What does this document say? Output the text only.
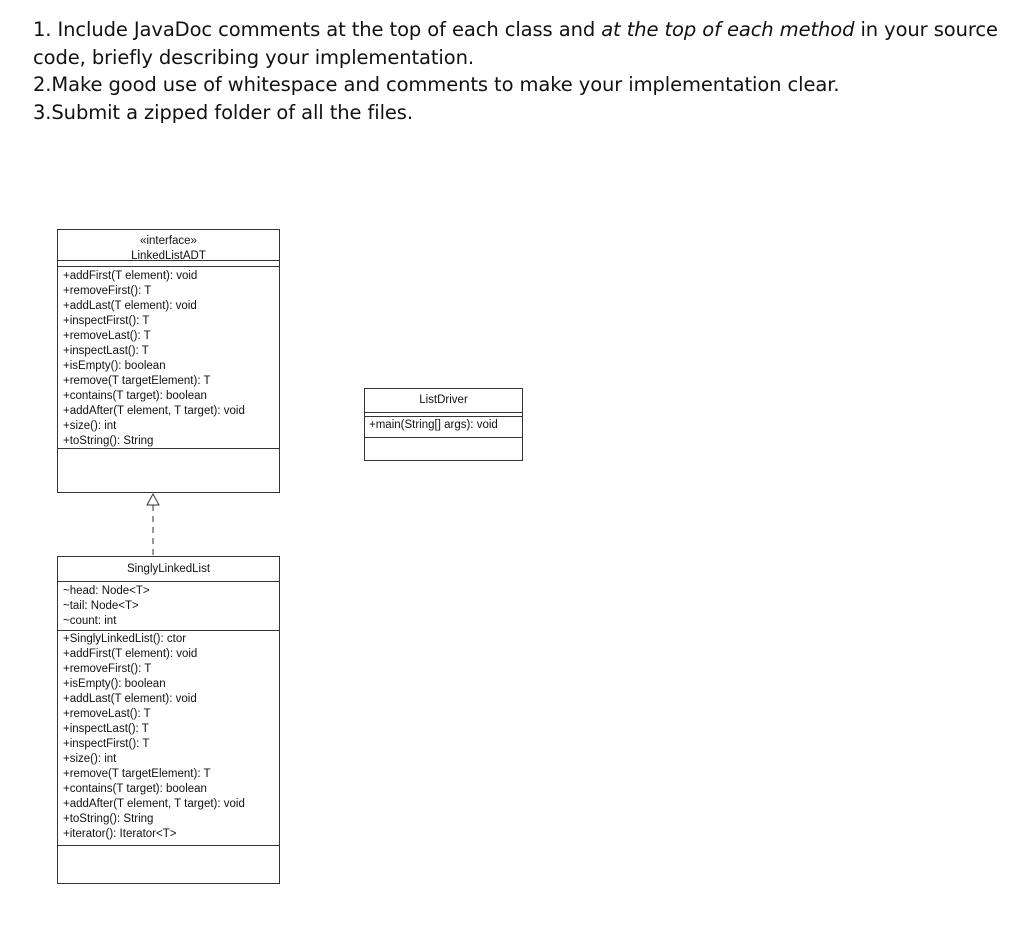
1. Include JavaDoc comments at the top of each class and at the top of each method in your source code, briefly describing your implementation.

2.Make good use of whitespace and comments to make your implementation clear.

3.Submit a zipped folder of all the files.

«interface»
LinkedListADT
+addFirst(T element): void
+removeFirst(): T
+addLast(T element): void
+inspectFirst(): T
+removeLast(): T
+inspectLast(): T
+isEmpty(): boolean
+remove(T targetElement): T
+contains(T target): boolean
+addAfter(T element, T target): void
+size(): int
+toString(): String
ListDriver
+main(String[] args): void
SinglyLinkedList
~head: Node<T>
~tail: Node<T>
~count: int
+SinglyLinkedList(): ctor
+addFirst(T element): void
+removeFirst(): T
+isEmpty(): boolean
+addLast(T element): void
+removeLast(): T
+inspectLast(): T
+inspectFirst(): T
+size(): int
+remove(T targetElement): T
+contains(T target): boolean
+addAfter(T element, T target): void
+toString(): String
+iterator(): Iterator<T>
